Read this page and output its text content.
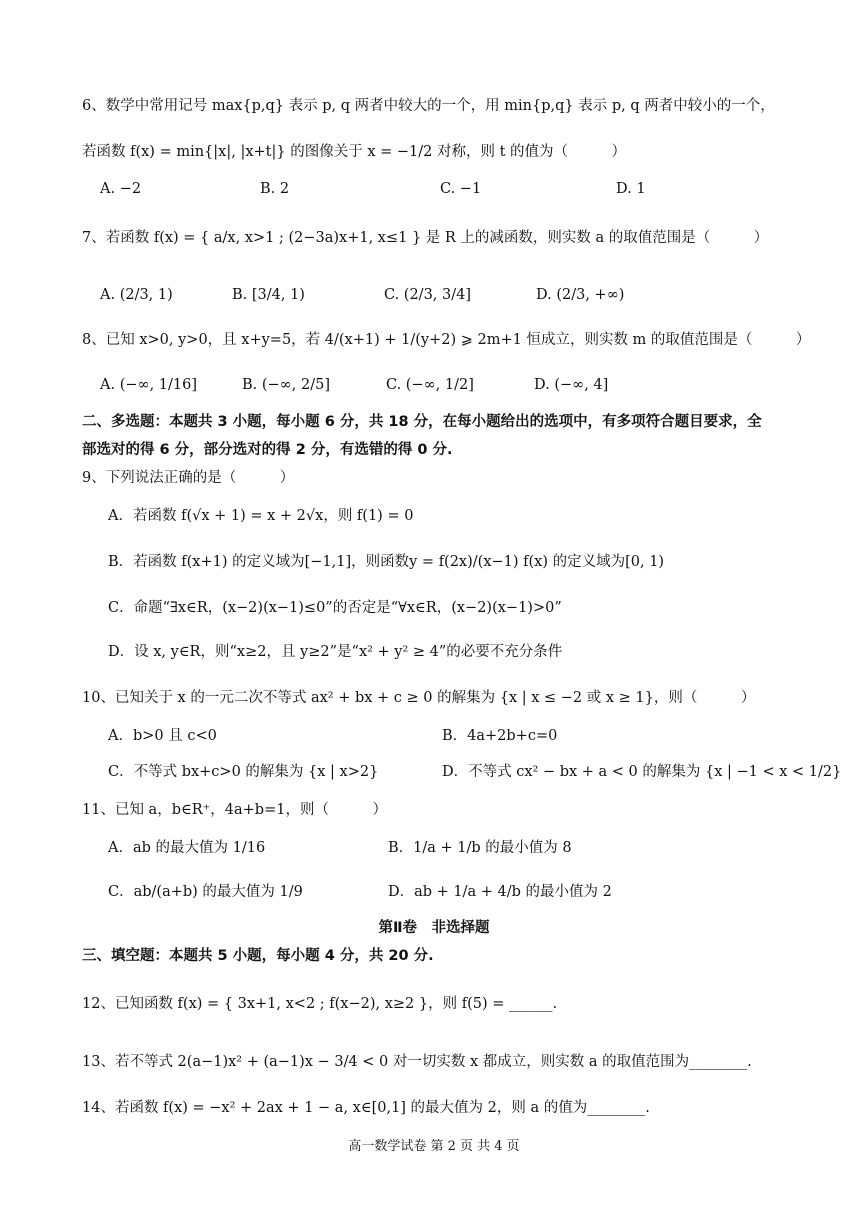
6、数学中常用记号 max{p,q} 表示 p, q 两者中较大的一个，用 min{p,q} 表示 p, q 两者中较小的一个，
若函数 f(x) = min{|x|, |x+t|} 的图像关于 x = −1/2 对称，则 t 的值为（　　　）
A. −2	B. 2	C. −1	D. 1
7、若函数 f(x) = { a/x, x>1 ; (2−3a)x+1, x≤1 } 是 R 上的减函数，则实数 a 的取值范围是（　　　）
A. (2/3, 1)	B. [3/4, 1)	C. (2/3, 3/4]	D. (2/3, +∞)
8、已知 x>0, y>0，且 x+y=5，若 4/(x+1) + 1/(y+2) ⩾ 2m+1 恒成立，则实数 m 的取值范围是（　　　）
A. (−∞, 1/16]	B. (−∞, 2/5]	C. (−∞, 1/2]	D. (−∞, 4]
二、多选题：本题共 3 小题，每小题 6 分，共 18 分，在每小题给出的选项中，有多项符合题目要求，全
部选对的得 6 分，部分选对的得 2 分，有选错的得 0 分.
9、下列说法正确的是（　　　）
A．若函数 f(√x + 1) = x + 2√x，则 f(1) = 0
B．若函数 f(x+1) 的定义域为[−1,1]，则函数y = f(2x)/(x−1) f(x) 的定义域为[0, 1)
C．命题“∃x∈R，(x−2)(x−1)≤0”的否定是“∀x∈R，(x−2)(x−1)>0”
D．设 x, y∈R，则“x≥2，且 y≥2”是“x² + y² ≥ 4”的必要不充分条件
10、已知关于 x 的一元二次不等式 ax² + bx + c ≥ 0 的解集为 {x | x ≤ −2 或 x ≥ 1}，则（　　　）
A．b>0 且 c<0	B．4a+2b+c=0
C．不等式 bx+c>0 的解集为 {x | x>2}	D．不等式 cx² − bx + a < 0 的解集为 {x | −1 < x < 1/2}
11、已知 a，b∈R⁺，4a+b=1，则（　　　）
A．ab 的最大值为 1/16	B．1/a + 1/b 的最小值为 8
C．ab/(a+b) 的最大值为 1/9	D．ab + 1/a + 4/b 的最小值为 2
第Ⅱ卷　非选择题
三、填空题：本题共 5 小题，每小题 4 分，共 20 分.
12、已知函数 f(x) = { 3x+1, x<2 ; f(x−2), x≥2 }，则 f(5) = ______.
13、若不等式 2(a−1)x² + (a−1)x − 3/4 < 0 对一切实数 x 都成立，则实数 a 的取值范围为________.
14、若函数 f(x) = −x² + 2ax + 1 − a, x∈[0,1] 的最大值为 2，则 a 的值为________.
高一数学试卷 第 2 页 共 4 页
